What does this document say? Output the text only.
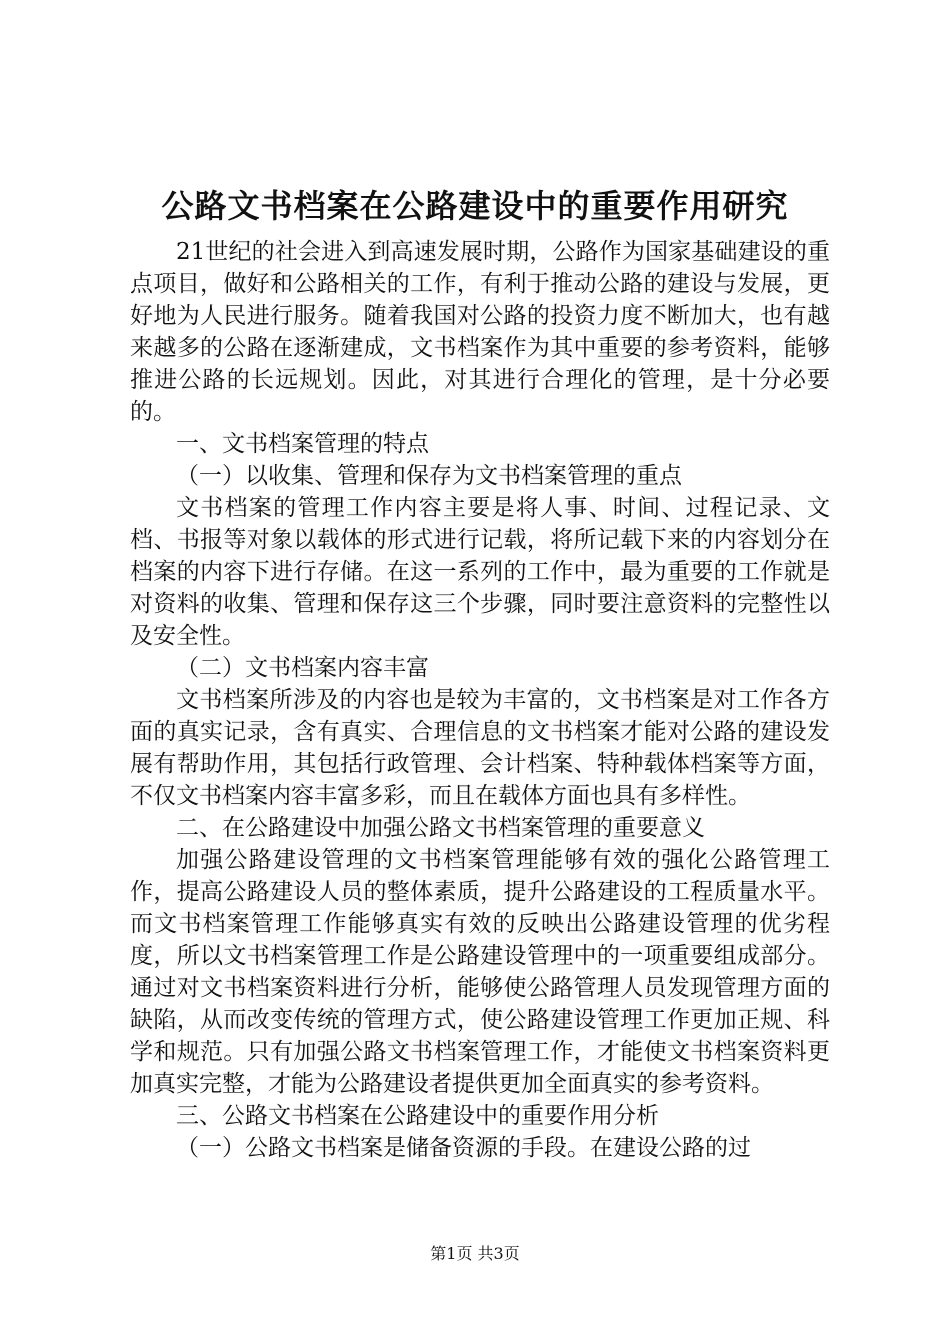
公路文书档案在公路建设中的重要作用研究

21世纪的社会进入到高速发展时期，公路作为国家基础建设的重点项目，做好和公路相关的工作，有利于推动公路的建设与发展，更好地为人民进行服务。随着我国对公路的投资力度不断加大，也有越来越多的公路在逐渐建成，文书档案作为其中重要的参考资料，能够推进公路的长远规划。因此，对其进行合理化的管理，是十分必要的。

一、文书档案管理的特点

（一）以收集、管理和保存为文书档案管理的重点

文书档案的管理工作内容主要是将人事、时间、过程记录、文档、书报等对象以载体的形式进行记载，将所记载下来的内容划分在档案的内容下进行存储。在这一系列的工作中，最为重要的工作就是对资料的收集、管理和保存这三个步骤，同时要注意资料的完整性以及安全性。

（二）文书档案内容丰富

文书档案所涉及的内容也是较为丰富的，文书档案是对工作各方面的真实记录，含有真实、合理信息的文书档案才能对公路的建设发展有帮助作用，其包括行政管理、会计档案、特种载体档案等方面，不仅文书档案内容丰富多彩，而且在载体方面也具有多样性。

二、在公路建设中加强公路文书档案管理的重要意义

加强公路建设管理的文书档案管理能够有效的强化公路管理工作，提高公路建设人员的整体素质，提升公路建设的工程质量水平。而文书档案管理工作能够真实有效的反映出公路建设管理的优劣程度，所以文书档案管理工作是公路建设管理中的一项重要组成部分。通过对文书档案资料进行分析，能够使公路管理人员发现管理方面的缺陷，从而改变传统的管理方式，使公路建设管理工作更加正规、科学和规范。只有加强公路文书档案管理工作，才能使文书档案资料更加真实完整，才能为公路建设者提供更加全面真实的参考资料。

三、公路文书档案在公路建设中的重要作用分析

（一）公路文书档案是储备资源的手段。在建设公路的过

第1页 共3页
